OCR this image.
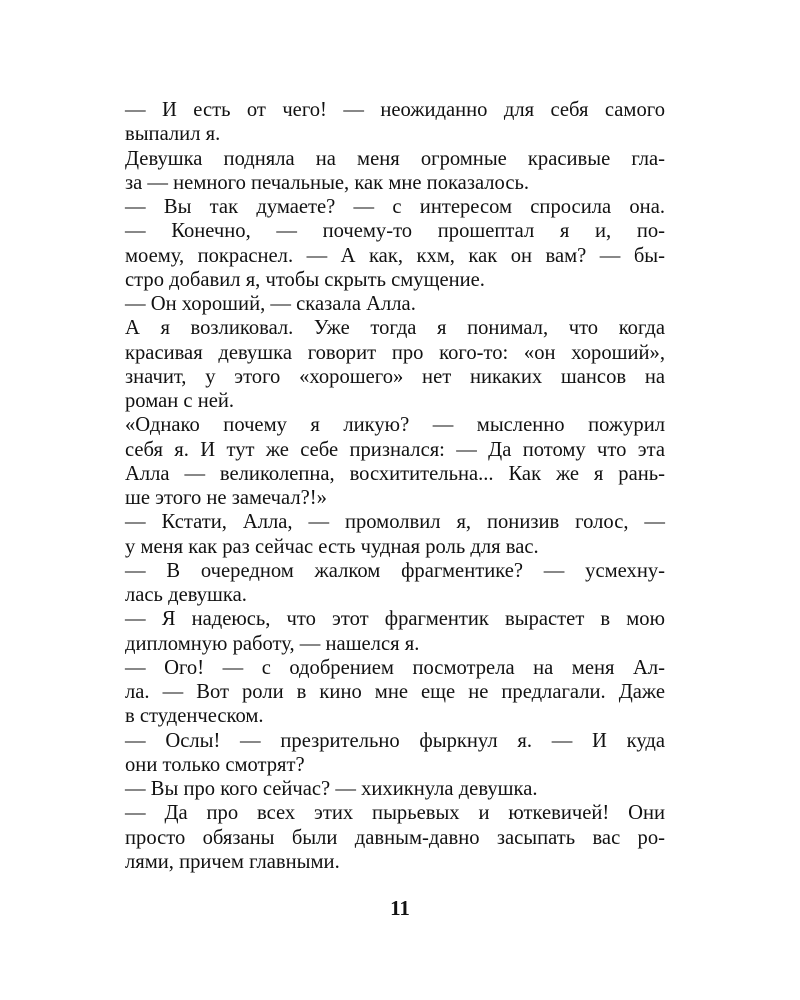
— И есть от чего! — неожиданно для себя самого
выпалил я.
Девушка подняла на меня огромные красивые гла-
за — немного печальные, как мне показалось.
— Вы так думаете? — с интересом спросила она.
— Конечно, — почему-то прошептал я и, по-
моему, покраснел. — А как, кхм, как он вам? — бы-
стро добавил я, чтобы скрыть смущение.
— Он хороший, — сказала Алла.
А я возликовал. Уже тогда я понимал, что когда
красивая девушка говорит про кого-то: «он хороший»,
значит, у этого «хорошего» нет никаких шансов на
роман с ней.
«Однако почему я ликую? — мысленно пожурил
себя я. И тут же себе признался: — Да потому что эта
Алла — великолепна, восхитительна... Как же я рань-
ше этого не замечал?!»
— Кстати, Алла, — промолвил я, понизив голос, —
у меня как раз сейчас есть чудная роль для вас.
— В очередном жалком фрагментике? — усмехну-
лась девушка.
— Я надеюсь, что этот фрагментик вырастет в мою
дипломную работу, — нашелся я.
— Ого! — с одобрением посмотрела на меня Ал-
ла. — Вот роли в кино мне еще не предлагали. Даже
в студенческом.
— Ослы! — презрительно фыркнул я. — И куда
они только смотрят?
— Вы про кого сейчас? — хихикнула девушка.
— Да про всех этих пырьевых и юткевичей! Они
просто обязаны были давным-давно засыпать вас ро-
лями, причем главными.
11
